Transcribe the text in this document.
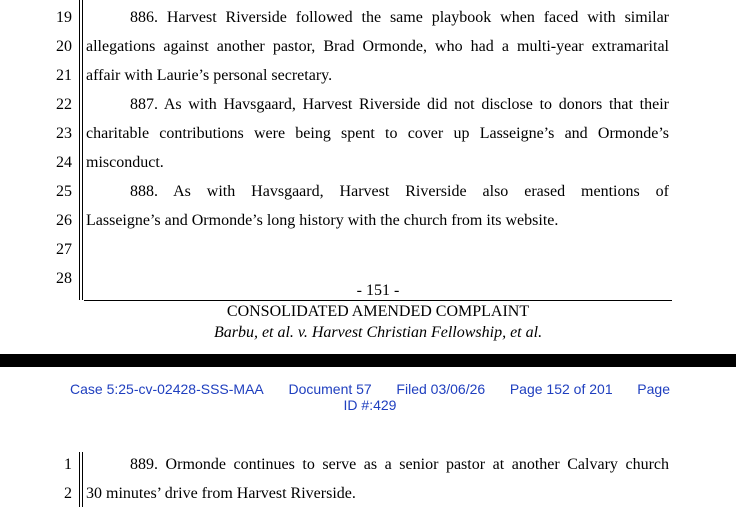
19	886. Harvest Riverside followed the same playbook when faced with similar
20 allegations against another pastor, Brad Ormonde, who had a multi-year extramarital
21 affair with Laurie’s personal secretary.
22	887. As with Havsgaard, Harvest Riverside did not disclose to donors that their
23 charitable contributions were being spent to cover up Lasseigne’s and Ormonde’s
24 misconduct.
25	888. As with Havsgaard, Harvest Riverside also erased mentions of
26 Lasseigne’s and Ormonde’s long history with the church from its website.
27
28
- 151 -
CONSOLIDATED AMENDED COMPLAINT
Barbu, et al. v. Harvest Christian Fellowship, et al.
Case 5:25-cv-02428-SSS-MAA Document 57 Filed 03/06/26 Page 152 of 201 Page
ID #:429
1	889. Ormonde continues to serve as a senior pastor at another Calvary church
2 30 minutes’ drive from Harvest Riverside.
